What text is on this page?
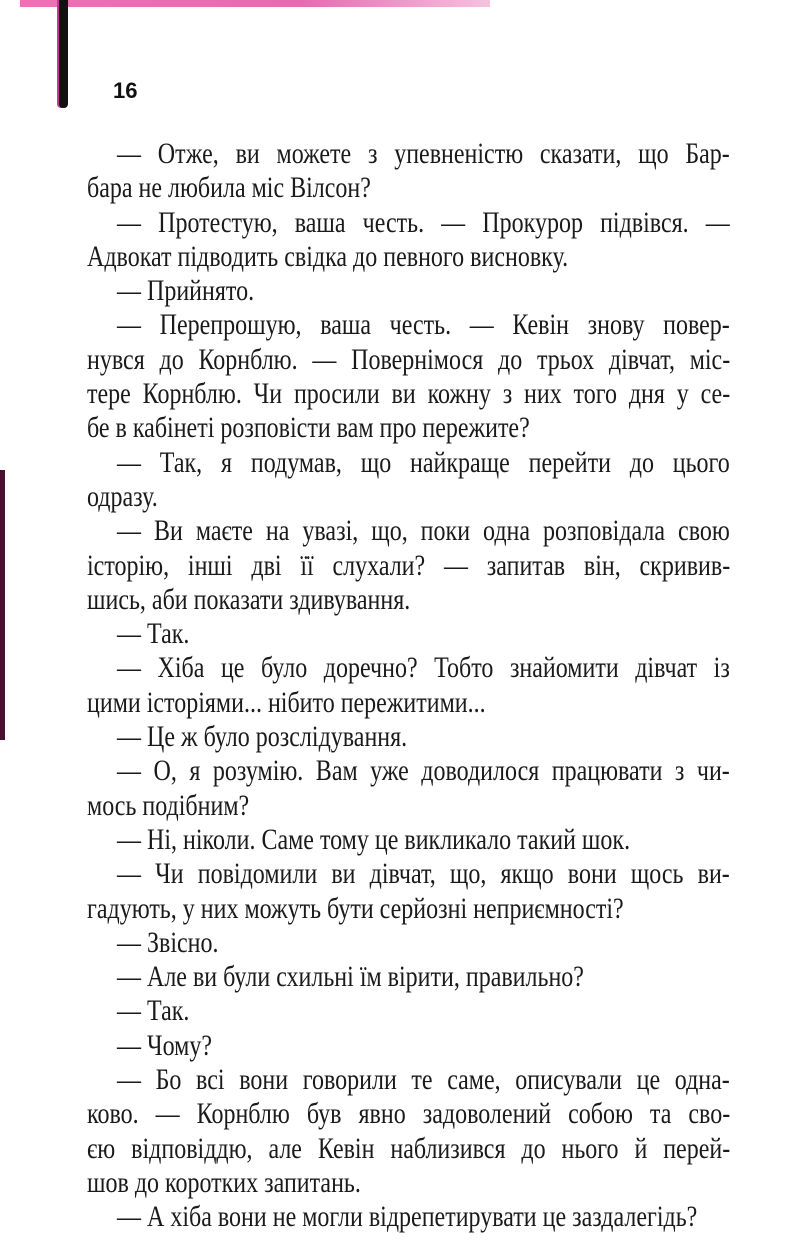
16
— Отже, ви можете з упевненістю сказати, що Бар-
бара не любила міс Вілсон?
— Протестую, ваша честь. — Прокурор підвівся. —
Адвокат підводить свідка до певного висновку.
— Прийнято.
— Перепрошую, ваша честь. — Кевін знову повер-
нувся до Корнблю. — Повернімося до трьох дівчат, міс-
тере Корнблю. Чи просили ви кожну з них того дня у се-
бе в кабінеті розповісти вам про пережите?
— Так, я подумав, що найкраще перейти до цього
одразу.
— Ви маєте на увазі, що, поки одна розповідала свою
історію, інші дві її слухали? — запитав він, скривив-
шись, аби показати здивування.
— Так.
— Хіба це було доречно? Тобто знайомити дівчат із
цими історіями... нібито пережитими...
— Це ж було розслідування.
— О, я розумію. Вам уже доводилося працювати з чи-
мось подібним?
— Ні, ніколи. Саме тому це викликало такий шок.
— Чи повідомили ви дівчат, що, якщо вони щось ви-
гадують, у них можуть бути серйозні неприємності?
— Звісно.
— Але ви були схильні їм вірити, правильно?
— Так.
— Чому?
— Бо всі вони говорили те саме, описували це одна-
ково. — Корнблю був явно задоволений собою та сво-
єю відповіддю, але Кевін наблизився до нього й перей-
шов до коротких запитань.
— А хіба вони не могли відрепетирувати це заздалегідь?
